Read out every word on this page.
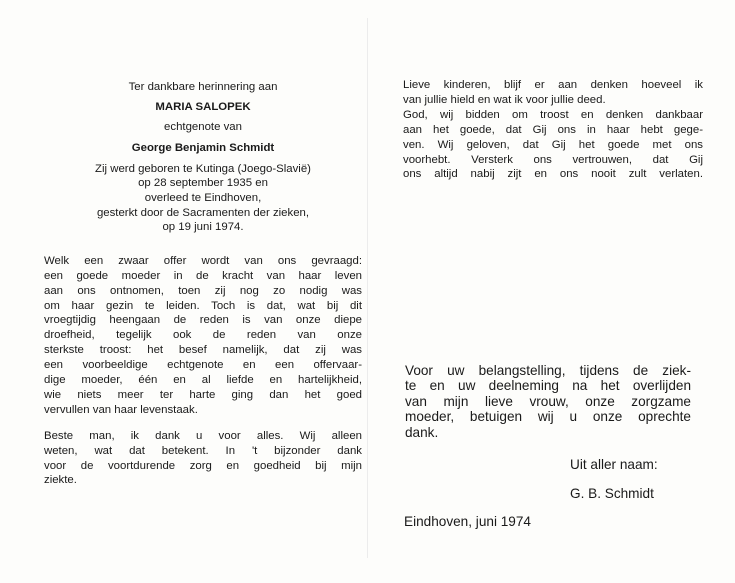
Ter dankbare herinnering aan
MARIA SALOPEK
echtgenote van
George Benjamin Schmidt
Zij werd geboren te Kutinga (Joego-Slavië)
op 28 september 1935 en
overleed te Eindhoven,
gesterkt door de Sacramenten der zieken,
op 19 juni 1974.
Welk een zwaar offer wordt van ons gevraagd:
een goede moeder in de kracht van haar leven
aan ons ontnomen, toen zij nog zo nodig was
om haar gezin te leiden. Toch is dat, wat bij dit
vroegtijdig heengaan de reden is van onze diepe
droefheid, tegelijk ook de reden van onze
sterkste troost: het besef namelijk, dat zij was
een voorbeeldige echtgenote en een offervaar-
dige moeder, één en al liefde en hartelijkheid,
wie niets meer ter harte ging dan het goed
vervullen van haar levenstaak.
Beste man, ik dank u voor alles. Wij alleen
weten, wat dat betekent. In 't bijzonder dank
voor de voortdurende zorg en goedheid bij mijn
ziekte.
Lieve kinderen, blijf er aan denken hoeveel ik
van jullie hield en wat ik voor jullie deed.
God, wij bidden om troost en denken dankbaar
aan het goede, dat Gij ons in haar hebt gege-
ven. Wij geloven, dat Gij het goede met ons
voorhebt. Versterk ons vertrouwen, dat Gij
ons altijd nabij zijt en ons nooit zult verlaten.
Voor uw belangstelling, tijdens de ziek-
te en uw deelneming na het overlijden
van mijn lieve vrouw, onze zorgzame
moeder, betuigen wij u onze oprechte
dank.
Uit aller naam:
G. B. Schmidt
Eindhoven, juni 1974
